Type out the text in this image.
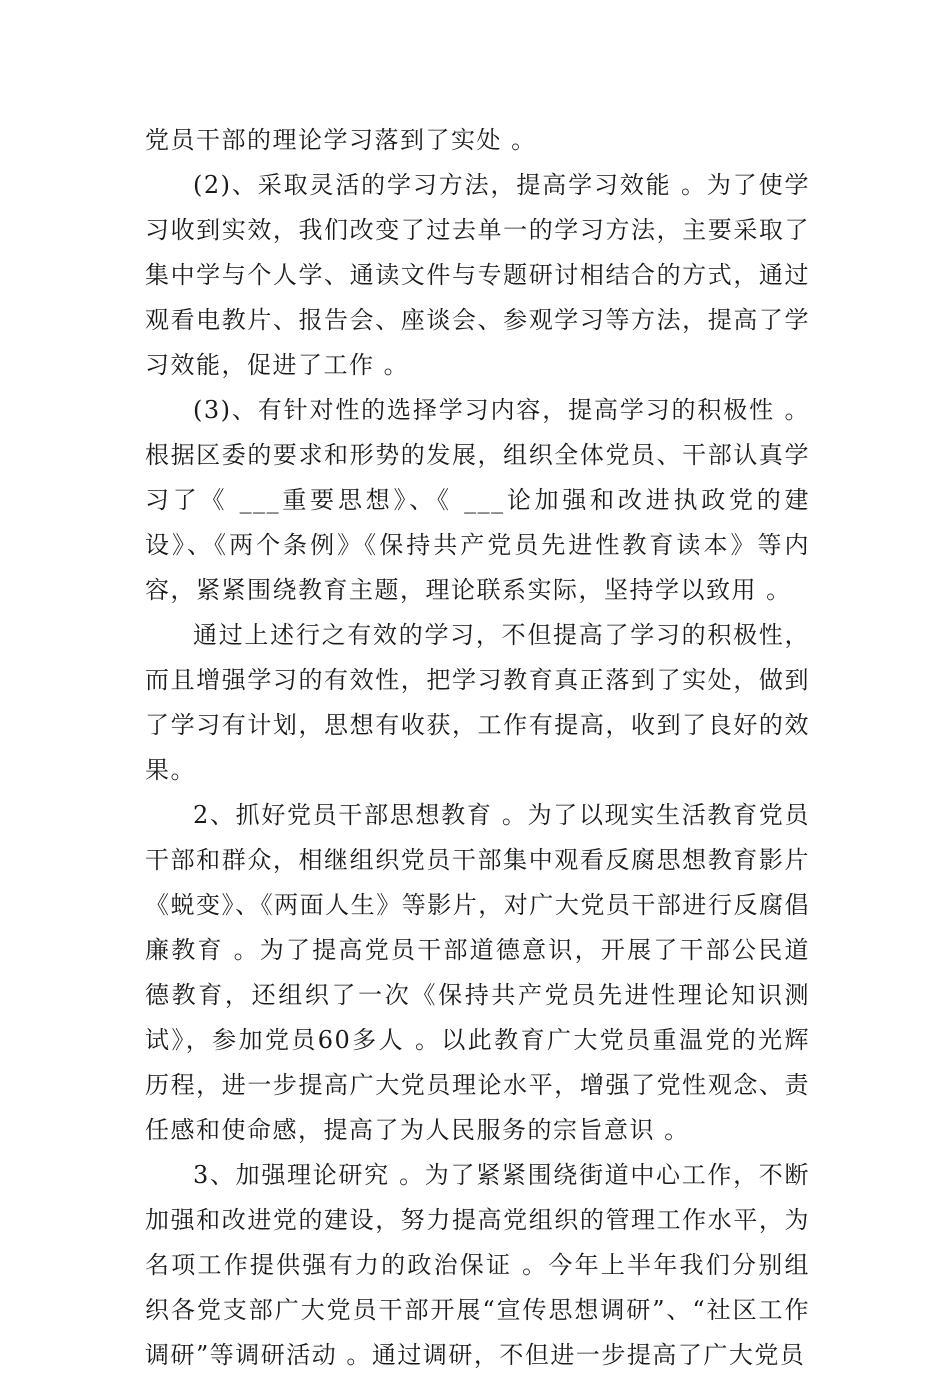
党员干部的理论学习落到了实处 。

(2)、采取灵活的学习方法，提高学习效能 。为了使学习收到实效，我们改变了过去单一的学习方法，主要采取了集中学与个人学、通读文件与专题研讨相结合的方式，通过观看电教片、报告会、座谈会、参观学习等方法，提高了学习效能，促进了工作 。

(3)、有针对性的选择学习内容，提高学习的积极性 。根据区委的要求和形势的发展，组织全体党员、干部认真学习了《 ___重要思想》、《 ___论加强和改进执政党的建设》、《两个条例》《保持共产党员先进性教育读本》等内容，紧紧围绕教育主题，理论联系实际，坚持学以致用 。

通过上述行之有效的学习，不但提高了学习的积极性，而且增强学习的有效性，把学习教育真正落到了实处，做到了学习有计划，思想有收获，工作有提高，收到了良好的效果。

2、抓好党员干部思想教育 。为了以现实生活教育党员干部和群众，相继组织党员干部集中观看反腐思想教育影片《蜕变》、《两面人生》等影片，对广大党员干部进行反腐倡廉教育 。为了提高党员干部道德意识，开展了干部公民道德教育，还组织了一次《保持共产党员先进性理论知识测试》，参加党员60多人 。以此教育广大党员重温党的光辉历程，进一步提高广大党员理论水平，增强了党性观念、责任感和使命感，提高了为人民服务的宗旨意识 。

3、加强理论研究 。为了紧紧围绕街道中心工作，不断加强和改进党的建设，努力提高党组织的管理工作水平，为名项工作提供强有力的政治保证 。今年上半年我们分别组织各党支部广大党员干部开展“宣传思想调研”、“社区工作调研”等调研活动 。通过调研，不但进一步提高了广大党员
